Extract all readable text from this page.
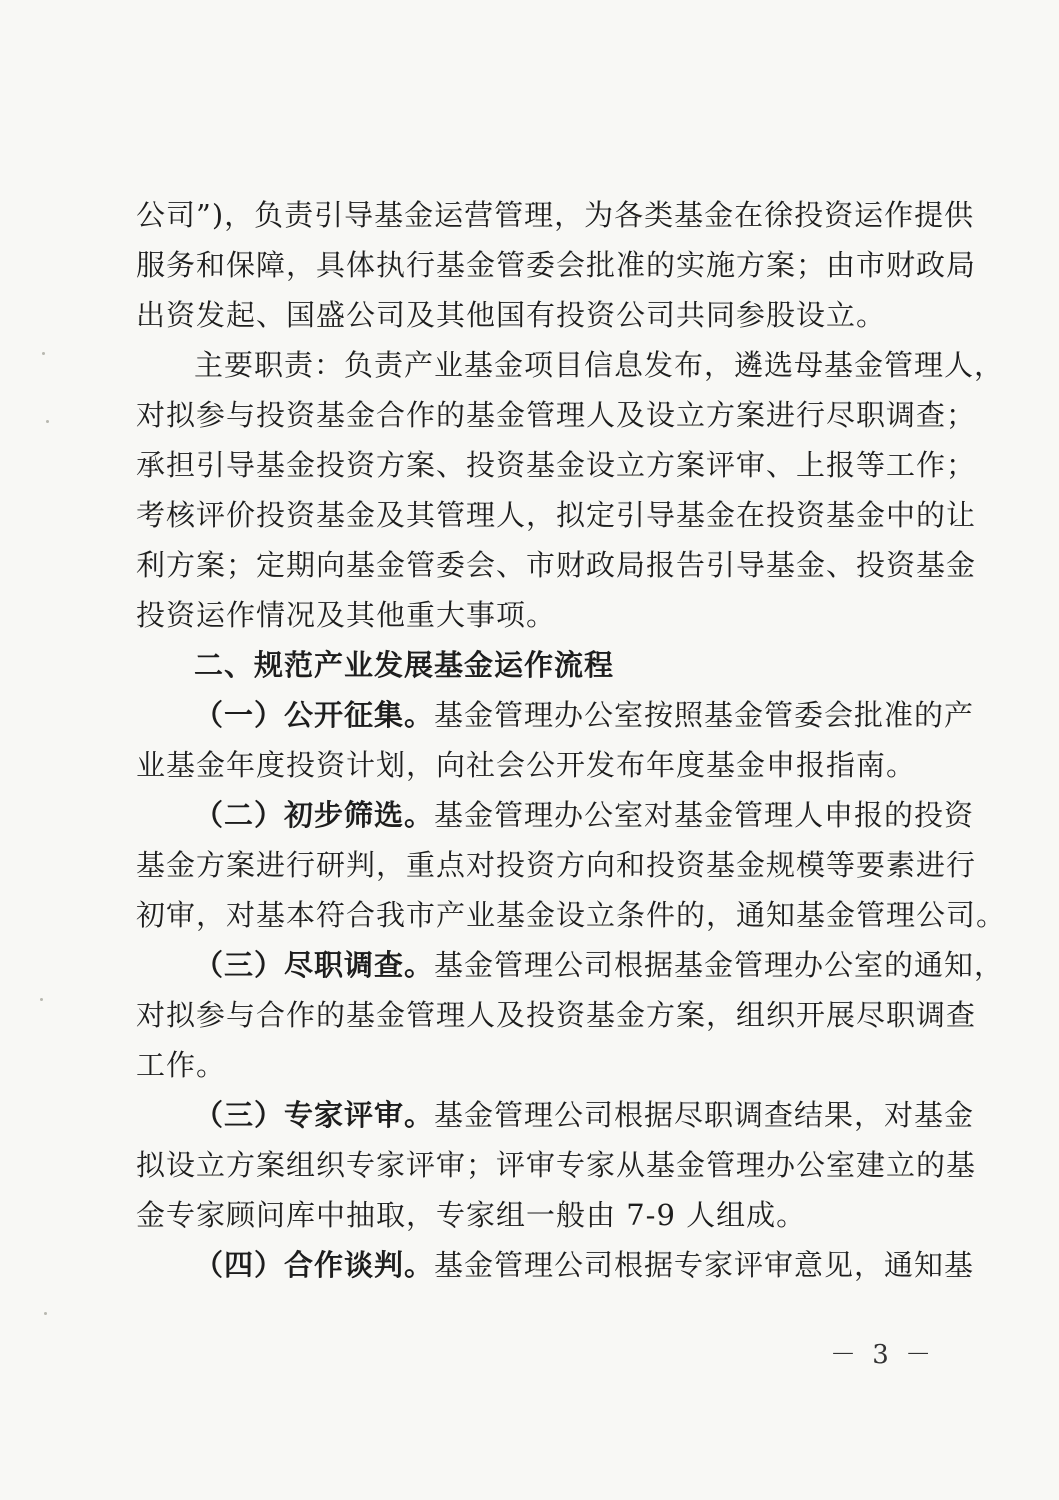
公司”)，负责引导基金运营管理，为各类基金在徐投资运作提供
服务和保障，具体执行基金管委会批准的实施方案；由市财政局
出资发起、国盛公司及其他国有投资公司共同参股设立。
主要职责：负责产业基金项目信息发布，遴选母基金管理人，
对拟参与投资基金合作的基金管理人及设立方案进行尽职调查；
承担引导基金投资方案、投资基金设立方案评审、上报等工作；
考核评价投资基金及其管理人，拟定引导基金在投资基金中的让
利方案；定期向基金管委会、市财政局报告引导基金、投资基金
投资运作情况及其他重大事项。
二、规范产业发展基金运作流程
（一）公开征集。基金管理办公室按照基金管委会批准的产
业基金年度投资计划，向社会公开发布年度基金申报指南。
（二）初步筛选。基金管理办公室对基金管理人申报的投资
基金方案进行研判，重点对投资方向和投资基金规模等要素进行
初审，对基本符合我市产业基金设立条件的，通知基金管理公司。
（三）尽职调查。基金管理公司根据基金管理办公室的通知，
对拟参与合作的基金管理人及投资基金方案，组织开展尽职调查
工作。
（三）专家评审。基金管理公司根据尽职调查结果，对基金
拟设立方案组织专家评审；评审专家从基金管理办公室建立的基
金专家顾问库中抽取，专家组一般由 7-9 人组成。
（四）合作谈判。基金管理公司根据专家评审意见，通知基
－ 3 －
